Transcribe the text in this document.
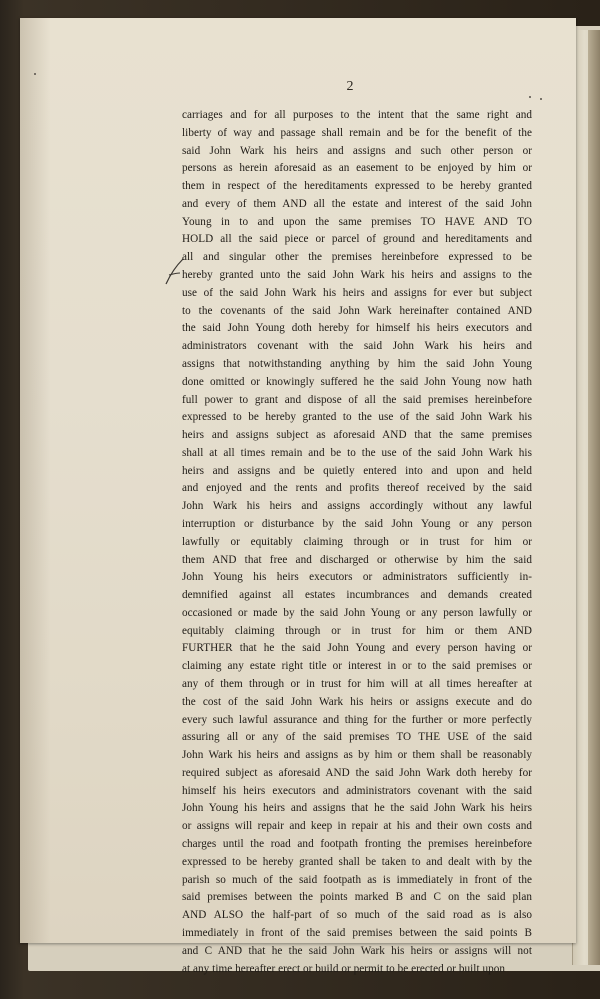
2
carriages and for all purposes to the intent that the same right and
liberty of way and passage shall remain and be for the benefit of the
said John Wark his heirs and assigns and such other person or
persons as herein aforesaid as an easement to be enjoyed by him or
them in respect of the hereditaments expressed to be hereby granted
and every of them AND all the estate and interest of the said John
Young in to and upon the same premises TO HAVE AND TO
HOLD all the said piece or parcel of ground and hereditaments and
all and singular other the premises hereinbefore expressed to be
hereby granted unto the said John Wark his heirs and assigns to the
use of the said John Wark his heirs and assigns for ever but subject
to the covenants of the said John Wark hereinafter contained AND
the said John Young doth hereby for himself his heirs executors and
administrators covenant with the said John Wark his heirs and
assigns that notwithstanding anything by him the said John Young
done omitted or knowingly suffered he the said John Young now hath
full power to grant and dispose of all the said premises hereinbefore
expressed to be hereby granted to the use of the said John Wark his
heirs and assigns subject as aforesaid AND that the same premises
shall at all times remain and be to the use of the said John Wark his
heirs and assigns and be quietly entered into and upon and held
and enjoyed and the rents and profits thereof received by the said
John Wark his heirs and assigns accordingly without any lawful
interruption or disturbance by the said John Young or any person
lawfully or equitably claiming through or in trust for him or
them AND that free and discharged or otherwise by him the said
John Young his heirs executors or administrators sufficiently in-
demnified against all estates incumbrances and demands created
occasioned or made by the said John Young or any person lawfully or
equitably claiming through or in trust for him or them AND
FURTHER that he the said John Young and every person having or
claiming any estate right title or interest in or to the said premises or
any of them through or in trust for him will at all times hereafter at
the cost of the said John Wark his heirs or assigns execute and do
every such lawful assurance and thing for the further or more perfectly
assuring all or any of the said premises TO THE USE of the said
John Wark his heirs and assigns as by him or them shall be reasonably
required subject as aforesaid AND the said John Wark doth hereby for
himself his heirs executors and administrators covenant with the said
John Young his heirs and assigns that he the said John Wark his heirs
or assigns will repair and keep in repair at his and their own costs and
charges until the road and footpath fronting the premises hereinbefore
expressed to be hereby granted shall be taken to and dealt with by the
parish so much of the said footpath as is immediately in front of the
said premises between the points marked B and C on the said plan
AND ALSO the half-part of so much of the said road as is also
immediately in front of the said premises between the said points B
and C AND that he the said John Wark his heirs or assigns will not
at any time hereafter erect or build or permit to be erected or built upon
